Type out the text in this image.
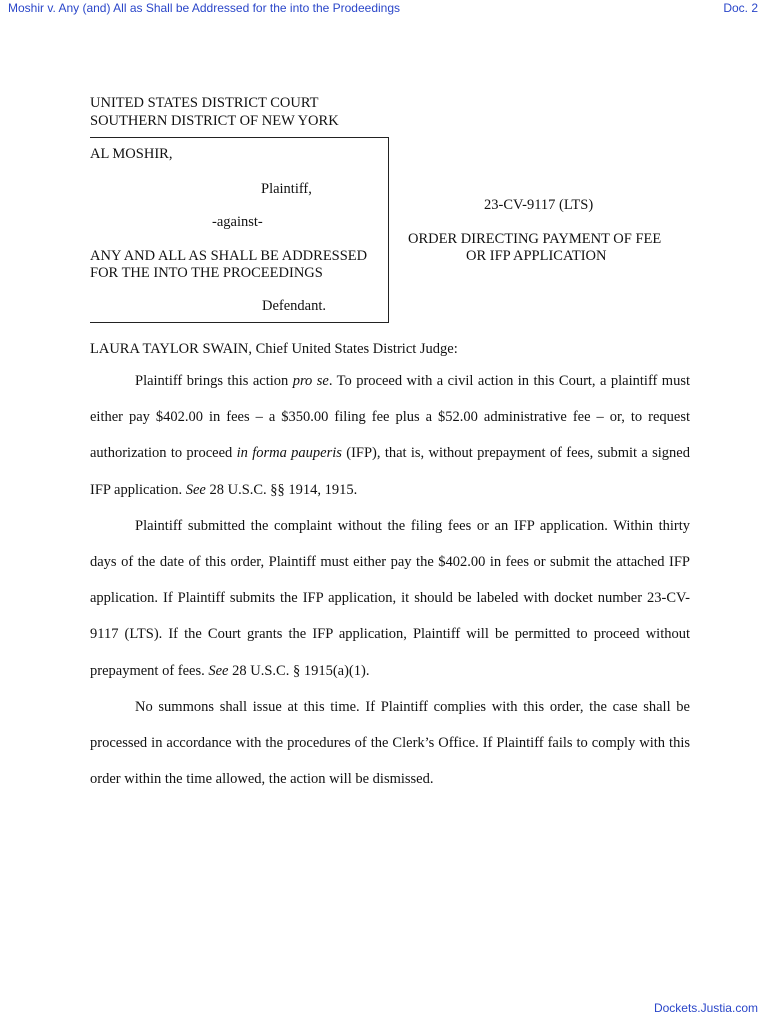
Moshir v. Any (and) All as Shall be Addressed for the into the Prodeedings	Doc. 2
UNITED STATES DISTRICT COURT
SOUTHERN DISTRICT OF NEW YORK
AL MOSHIR,
Plaintiff,
-against-
ANY AND ALL AS SHALL BE ADDRESSED
FOR THE INTO THE PROCEEDINGS
Defendant.
23-CV-9117 (LTS)
ORDER DIRECTING PAYMENT OF FEE
OR IFP APPLICATION
LAURA TAYLOR SWAIN, Chief United States District Judge:

Plaintiff brings this action pro se. To proceed with a civil action in this Court, a plaintiff must either pay $402.00 in fees – a $350.00 filing fee plus a $52.00 administrative fee – or, to request authorization to proceed in forma pauperis (IFP), that is, without prepayment of fees, submit a signed IFP application. See 28 U.S.C. §§ 1914, 1915.

Plaintiff submitted the complaint without the filing fees or an IFP application. Within thirty days of the date of this order, Plaintiff must either pay the $402.00 in fees or submit the attached IFP application. If Plaintiff submits the IFP application, it should be labeled with docket number 23-CV-9117 (LTS). If the Court grants the IFP application, Plaintiff will be permitted to proceed without prepayment of fees. See 28 U.S.C. § 1915(a)(1).

No summons shall issue at this time. If Plaintiff complies with this order, the case shall be processed in accordance with the procedures of the Clerk’s Office. If Plaintiff fails to comply with this order within the time allowed, the action will be dismissed.

Dockets.Justia.com
